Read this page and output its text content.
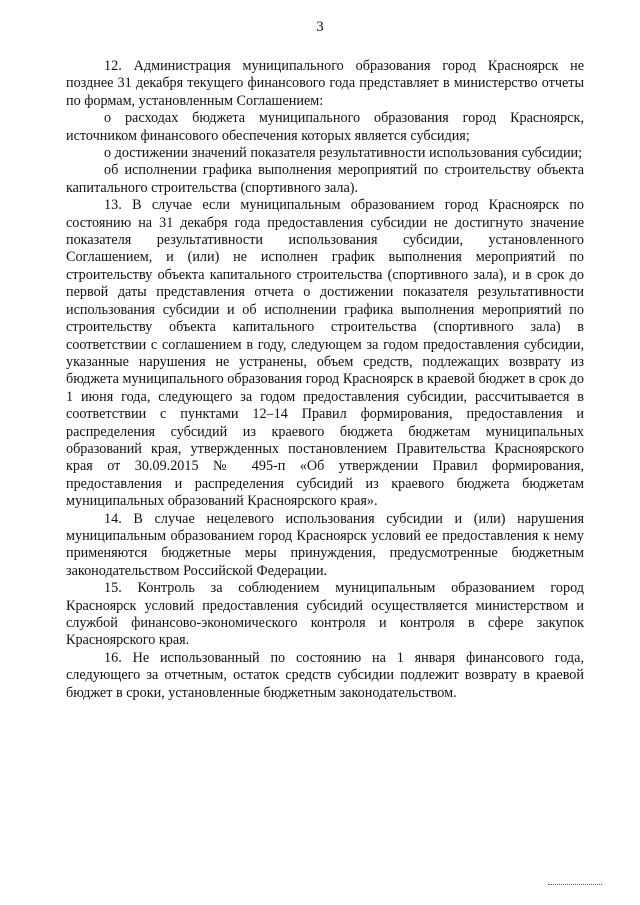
3

12. Администрация муниципального образования город Красноярск не позднее 31 декабря текущего финансового года представляет в министерство отчеты по формам, установленным Соглашением:

о расходах бюджета муниципального образования город Красноярск, источником финансового обеспечения которых является субсидия;

о достижении значений показателя результативности использования субсидии;

об исполнении графика выполнения мероприятий по строительству объекта капитального строительства (спортивного зала).

13. В случае если муниципальным образованием город Красноярск по состоянию на 31 декабря года предоставления субсидии не достигнуто значение показателя результативности использования субсидии, установленного Соглашением, и (или) не исполнен график выполнения мероприятий по строительству объекта капитального строительства (спортивного зала), и в срок до первой даты представления отчета о достижении показателя результативности использования субсидии и об исполнении графика выполнения мероприятий по строительству объекта капитального строительства (спортивного зала) в соответствии с соглашением в году, следующем за годом предоставления субсидии, указанные нарушения не устранены, объем средств, подлежащих возврату из бюджета муниципального образования город Красноярск в краевой бюджет в срок до 1 июня года, следующего за годом предоставления субсидии, рассчитывается в соответствии с пунктами 12–14 Правил формирования, предоставления и распределения субсидий из краевого бюджета бюджетам муниципальных образований края, утвержденных постановлением Правительства Красноярского края от 30.09.2015 № 495-п «Об утверждении Правил формирования, предоставления и распределения субсидий из краевого бюджета бюджетам муниципальных образований Красноярского края».

14. В случае нецелевого использования субсидии и (или) нарушения муниципальным образованием город Красноярск условий ее предоставления к нему применяются бюджетные меры принуждения, предусмотренные бюджетным законодательством Российской Федерации.

15. Контроль за соблюдением муниципальным образованием город Красноярск условий предоставления субсидий осуществляется министерством и службой финансово-экономического контроля и контроля в сфере закупок Красноярского края.

16. Не использованный по состоянию на 1 января финансового года, следующего за отчетным, остаток средств субсидии подлежит возврату в краевой бюджет в сроки, установленные бюджетным законодательством.
